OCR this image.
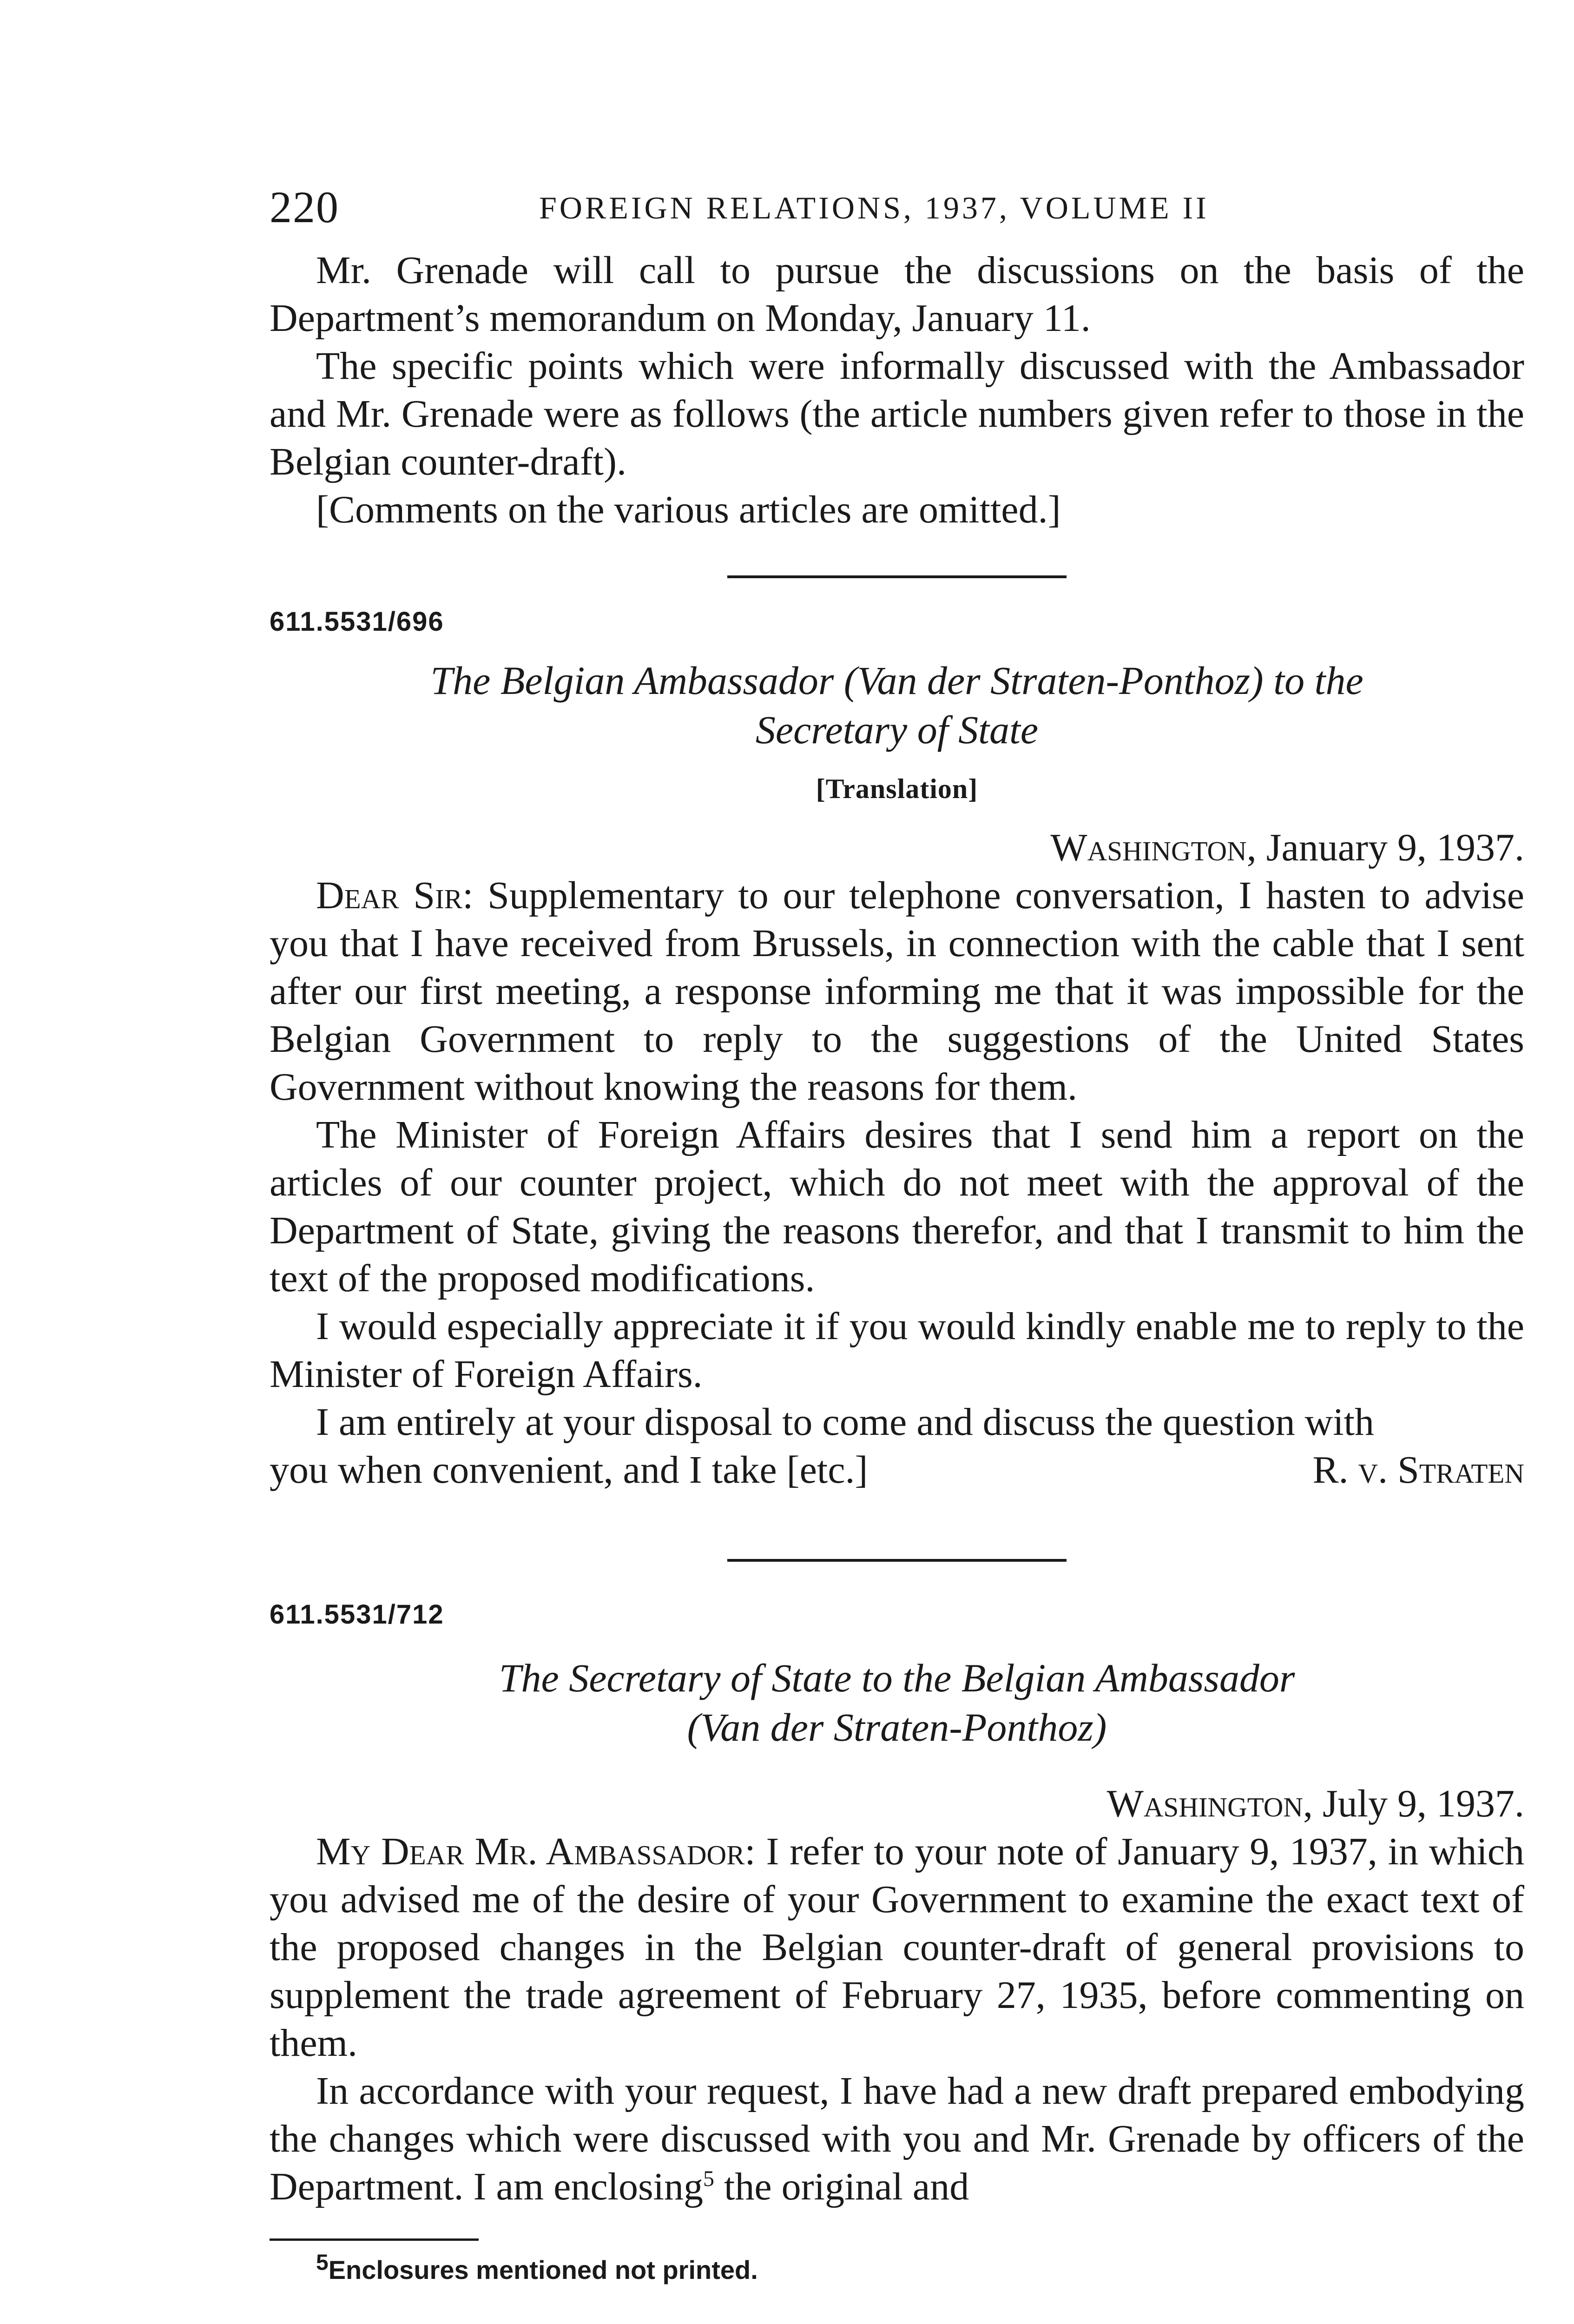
220	FOREIGN RELATIONS, 1937, VOLUME II

Mr. Grenade will call to pursue the discussions on the basis of the Department’s memorandum on Monday, January 11.

The specific points which were informally discussed with the Ambassador and Mr. Grenade were as follows (the article numbers given refer to those in the Belgian counter-draft).

[Comments on the various articles are omitted.]

611.5531/696
The Belgian Ambassador (Van der Straten-Ponthoz) to the
Secretary of State
[Translation]
Washington, January 9, 1937.

Dear Sir: Supplementary to our telephone conversation, I hasten to advise you that I have received from Brussels, in connection with the cable that I sent after our first meeting, a response informing me that it was impossible for the Belgian Government to reply to the suggestions of the United States Government without knowing the reasons for them.

The Minister of Foreign Affairs desires that I send him a report on the articles of our counter project, which do not meet with the approval of the Department of State, giving the reasons therefor, and that I transmit to him the text of the proposed modifications.

I would especially appreciate it if you would kindly enable me to reply to the Minister of Foreign Affairs.

I am entirely at your disposal to come and discuss the question with

you when convenient, and I take [etc.]	R. v. Straten
611.5531/712
The Secretary of State to the Belgian Ambassador
(Van der Straten-Ponthoz)
Washington, July 9, 1937.

My Dear Mr. Ambassador: I refer to your note of January 9, 1937, in which you advised me of the desire of your Government to examine the exact text of the proposed changes in the Belgian counter-draft of general provisions to supplement the trade agreement of February 27, 1935, before commenting on them.

In accordance with your request, I have had a new draft prepared embodying the changes which were discussed with you and Mr. Grenade by officers of the Department. I am enclosing$^5$ the original and

$^5$Enclosures mentioned not printed.
